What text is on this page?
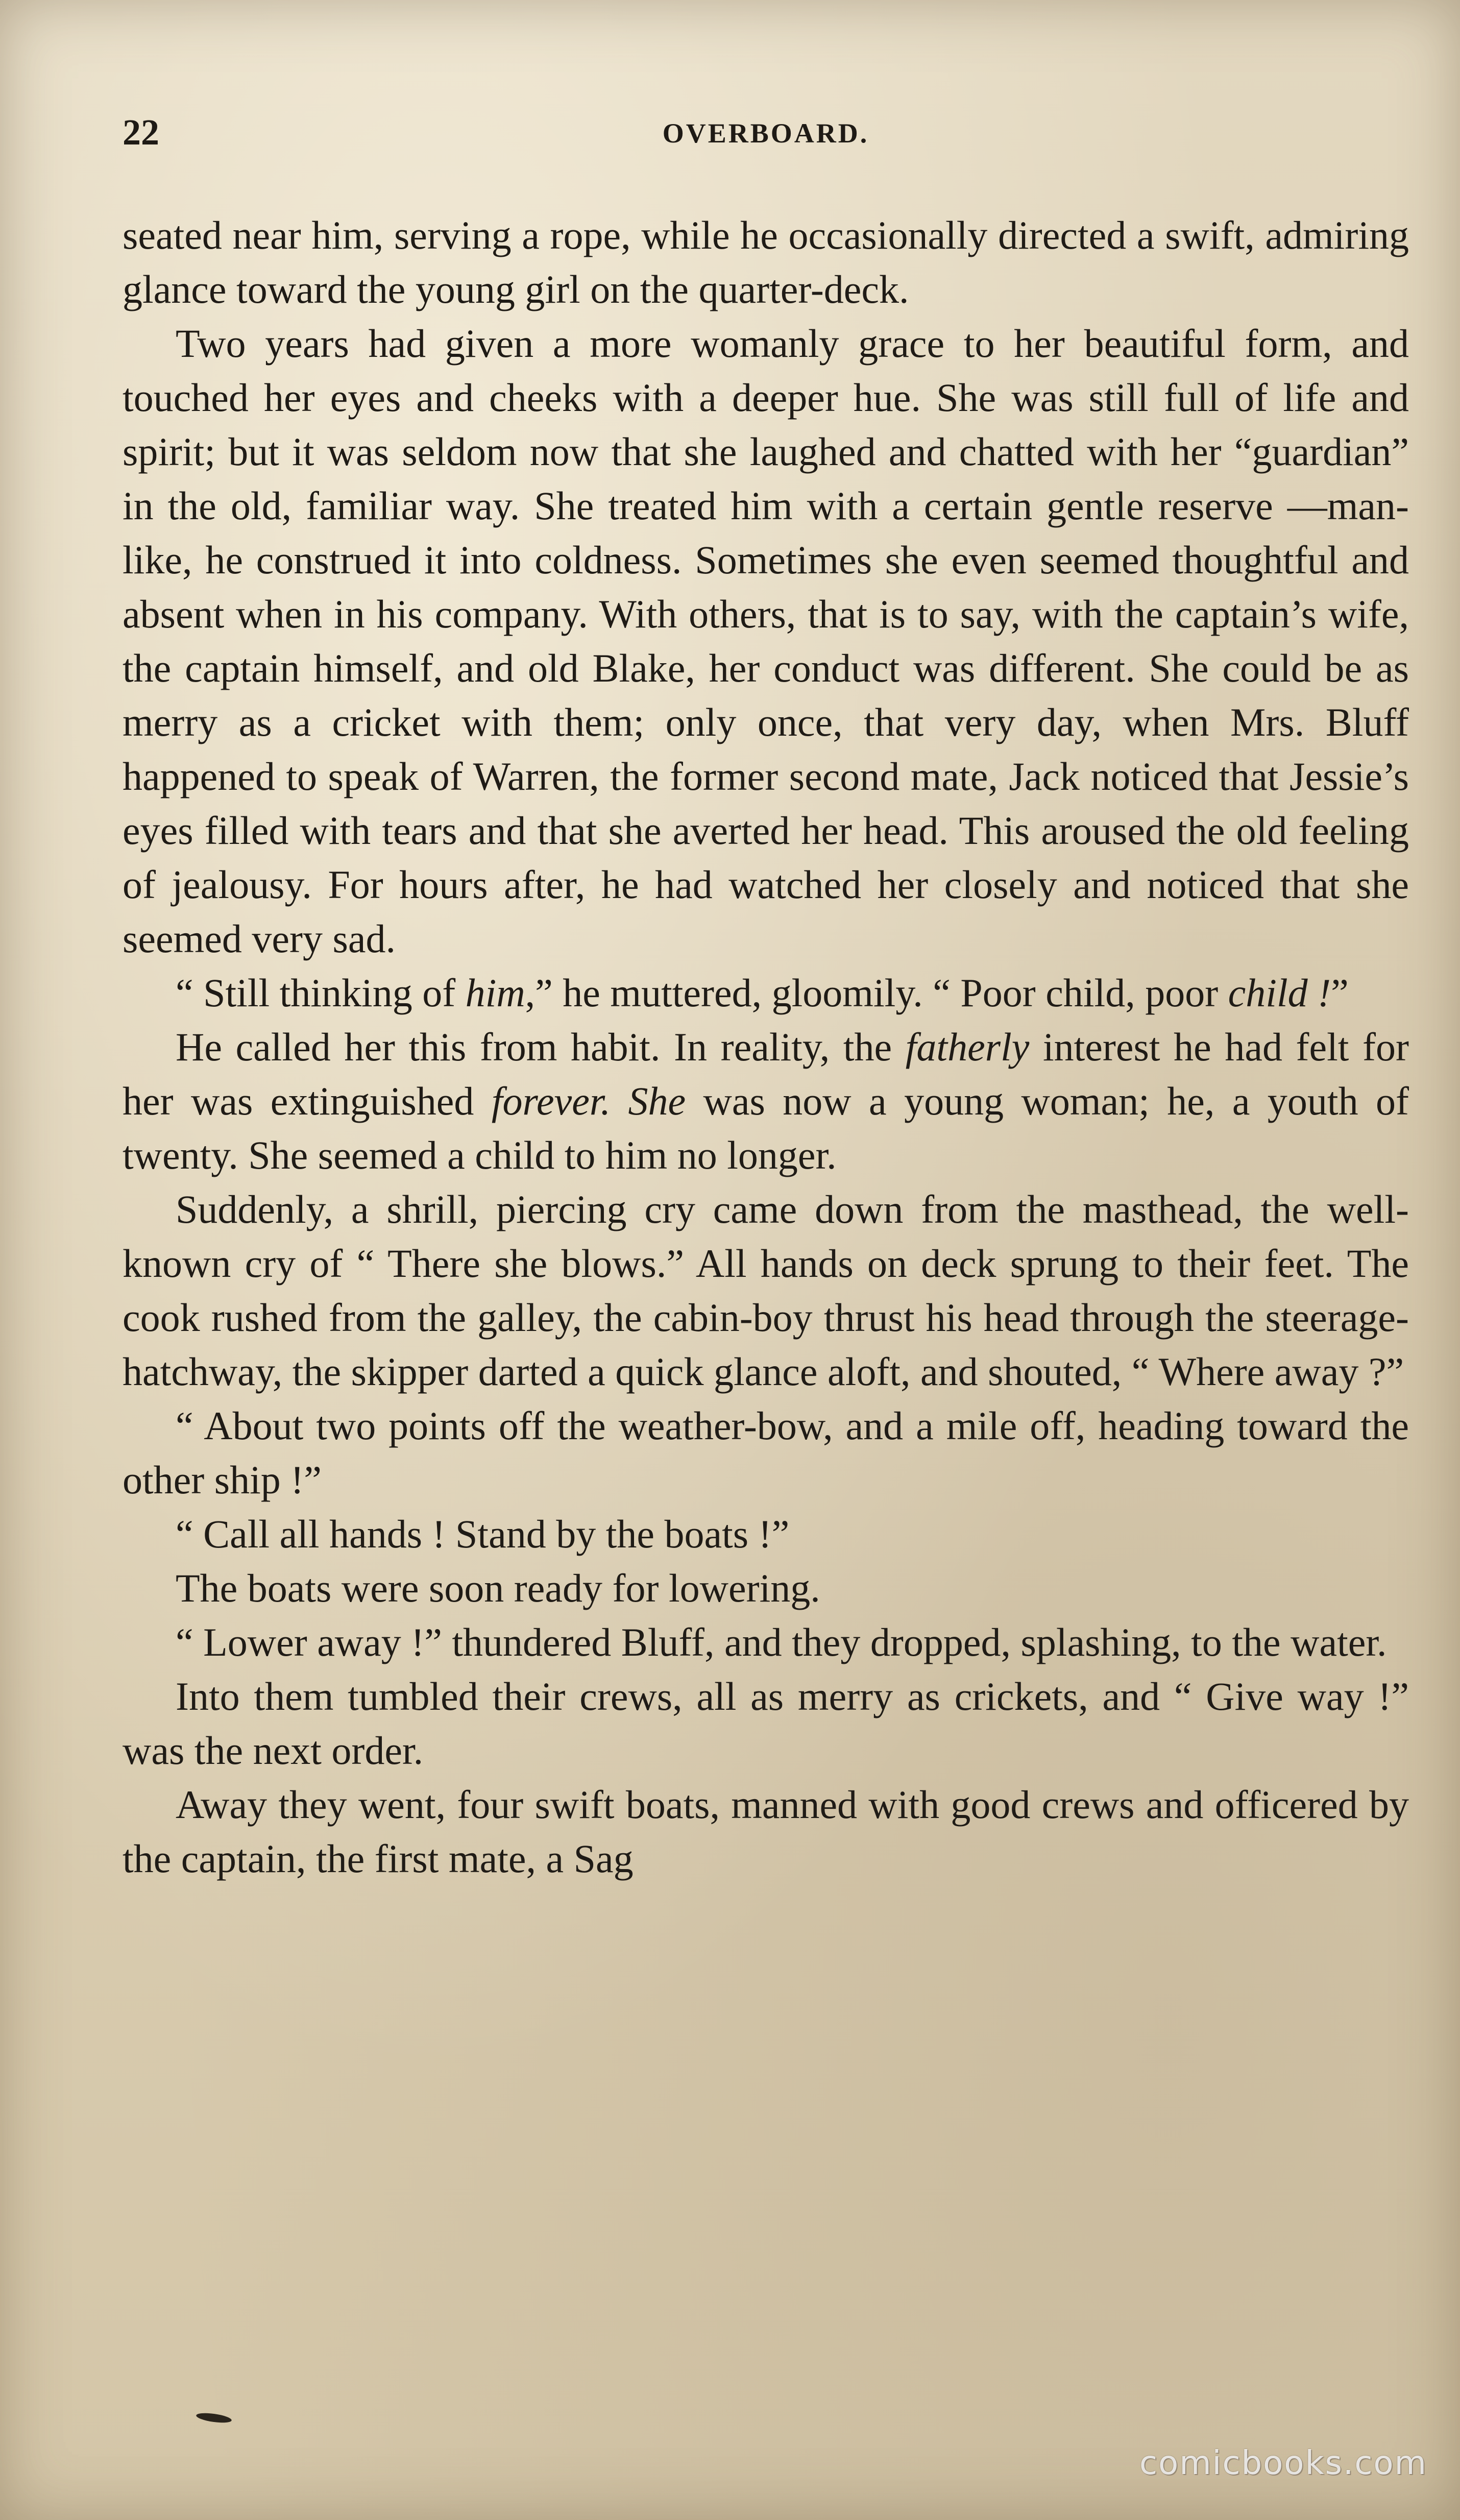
22	OVERBOARD.

seated near him, serving a rope, while he occasionally directed a swift, admiring glance toward the young girl on the quarter-deck.

Two years had given a more womanly grace to her beautiful form, and touched her eyes and cheeks with a deeper hue. She was still full of life and spirit; but it was seldom now that she laughed and chatted with her “guardian” in the old, familiar way. She treated him with a certain gentle reserve —man-like, he construed it into coldness. Sometimes she even seemed thoughtful and absent when in his company. With others, that is to say, with the captain’s wife, the captain himself, and old Blake, her conduct was different. She could be as merry as a cricket with them; only once, that very day, when Mrs. Bluff happened to speak of Warren, the former second mate, Jack noticed that Jessie’s eyes filled with tears and that she averted her head. This aroused the old feeling of jealousy. For hours after, he had watched her closely and noticed that she seemed very sad.

“ Still thinking of him,” he muttered, gloomily. “ Poor child, poor child !”

He called her this from habit. In reality, the fatherly interest he had felt for her was extinguished forever. She was now a young woman; he, a youth of twenty. She seemed a child to him no longer.

Suddenly, a shrill, piercing cry came down from the masthead, the well-known cry of “ There she blows.” All hands on deck sprung to their feet. The cook rushed from the galley, the cabin-boy thrust his head through the steerage-hatchway, the skipper darted a quick glance aloft, and shouted, “ Where away ?”

“ About two points off the weather-bow, and a mile off, heading toward the other ship !”

“ Call all hands ! Stand by the boats !”

The boats were soon ready for lowering.

“ Lower away !” thundered Bluff, and they dropped, splashing, to the water.

Into them tumbled their crews, all as merry as crickets, and “ Give way !” was the next order.

Away they went, four swift boats, manned with good crews and officered by the captain, the first mate, a Sag

comicbooks.com
